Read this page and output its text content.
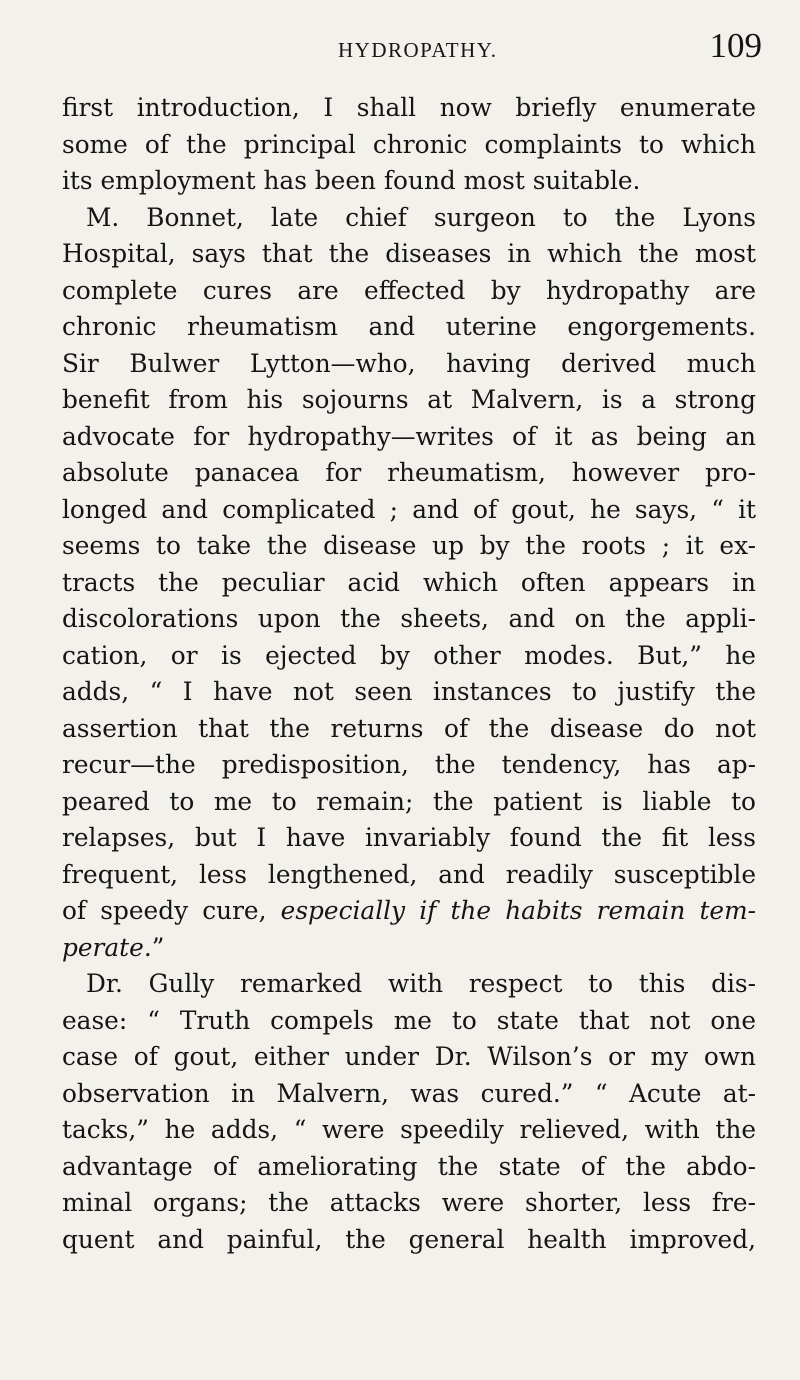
HYDROPATHY.	109
first introduction, I shall now briefly enumerate
some of the principal chronic complaints to which
its employment has been found most suitable.
M. Bonnet, late chief surgeon to the Lyons
Hospital, says that the diseases in which the most
complete cures are effected by hydropathy are
chronic rheumatism and uterine engorgements.
Sir Bulwer Lytton—who, having derived much
benefit from his sojourns at Malvern, is a strong
advocate for hydropathy—writes of it as being an
absolute panacea for rheumatism, however pro-
longed and complicated ; and of gout, he says, “ it
seems to take the disease up by the roots ; it ex-
tracts the peculiar acid which often appears in
discolorations upon the sheets, and on the appli-
cation, or is ejected by other modes. But,” he
adds, “ I have not seen instances to justify the
assertion that the returns of the disease do not
recur—the predisposition, the tendency, has ap-
peared to me to remain; the patient is liable to
relapses, but I have invariably found the fit less
frequent, less lengthened, and readily susceptible
of speedy cure, especially if the habits remain tem-
perate.”
Dr. Gully remarked with respect to this dis-
ease: “ Truth compels me to state that not one
case of gout, either under Dr. Wilson’s or my own
observation in Malvern, was cured.” “ Acute at-
tacks,” he adds, “ were speedily relieved, with the
advantage of ameliorating the state of the abdo-
minal organs; the attacks were shorter, less fre-
quent and painful, the general health improved,
